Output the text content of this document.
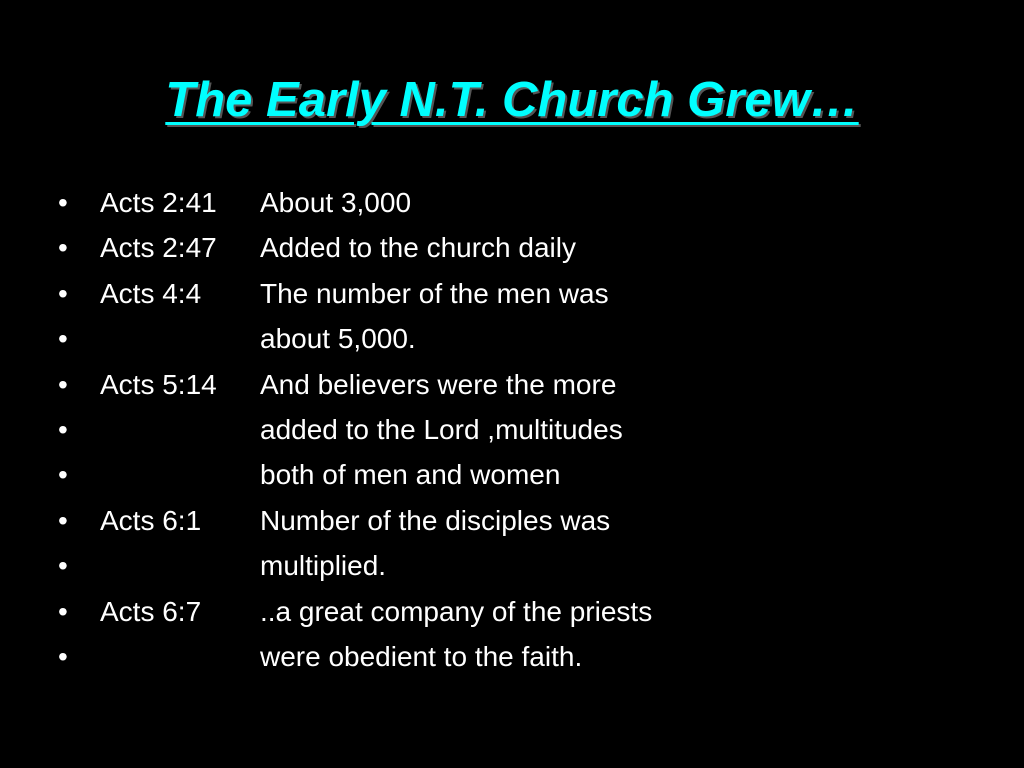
The Early N.T. Church Grew…
•	Acts 2:41	About 3,000
•	Acts 2:47	Added to the church daily
•	Acts 4:4	The number of the men was
•	about 5,000.
•	Acts 5:14	And believers were the more
•	added to the Lord ,multitudes
•	both of men and women
•	Acts 6:1	Number of the disciples was
•	multiplied.
•	Acts 6:7	..a great company of the priests
•	were obedient to the faith.
